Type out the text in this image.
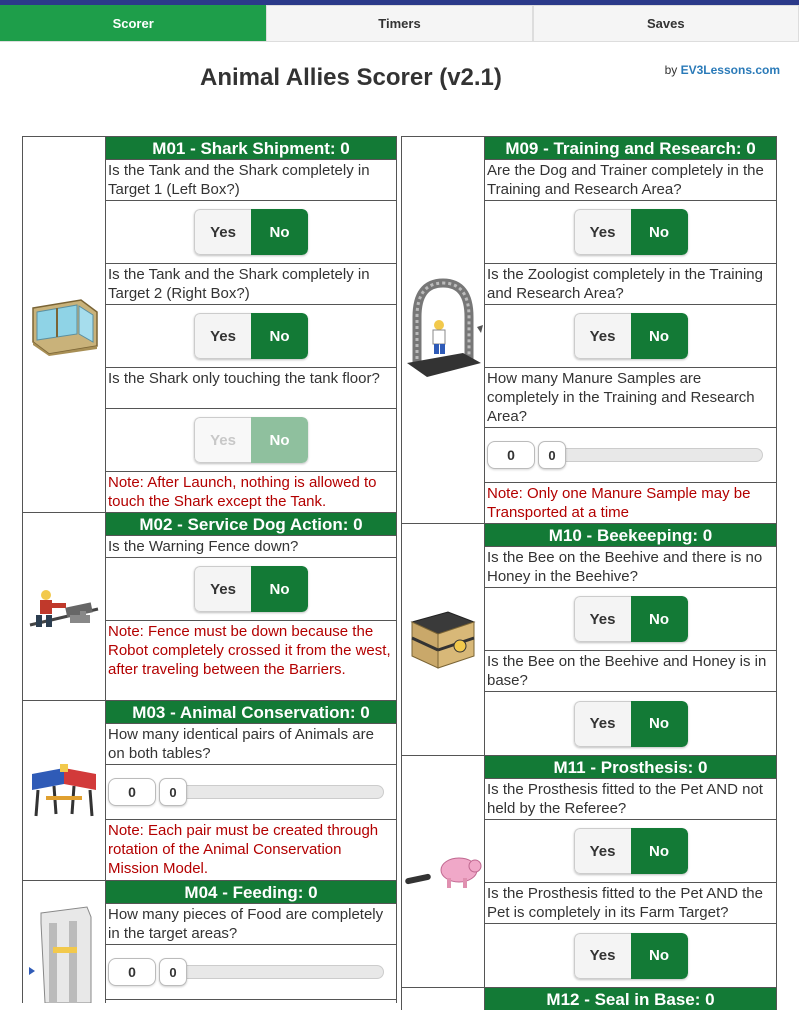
Scorer	Timers	Saves
Animal Allies Scorer (v2.1)	by EV3Lessons.com
M01 - Shark Shipment: 0
Is the Tank and the Shark completely in Target 1 (Left Box?)
Yes	No
Is the Tank and the Shark completely in Target 2 (Right Box?)
Yes	No
Is the Shark only touching the tank floor?
Yes	No
Note: After Launch, nothing is allowed to touch the Shark except the Tank.
M02 - Service Dog Action: 0
Is the Warning Fence down?
Yes	No
Note: Fence must be down because the Robot completely crossed it from the west, after traveling between the Barriers.
M03 - Animal Conservation: 0
How many identical pairs of Animals are on both tables?
0	0
Note: Each pair must be created through rotation of the Animal Conservation Mission Model.
M04 - Feeding: 0
How many pieces of Food are completely in the target areas?
0	0
M09 - Training and Research: 0
Are the Dog and Trainer completely in the Training and Research Area?
Yes	No
Is the Zoologist completely in the Training and Research Area?
Yes	No
How many Manure Samples are completely in the Training and Research Area?
0	0
Note: Only one Manure Sample may be Transported at a time
M10 - Beekeeping: 0
Is the Bee on the Beehive and there is no Honey in the Beehive?
Yes	No
Is the Bee on the Beehive and Honey is in base?
Yes	No
M11 - Prosthesis: 0
Is the Prosthesis fitted to the Pet AND not held by the Referee?
Yes	No
Is the Prosthesis fitted to the Pet AND the Pet is completely in its Farm Target?
Yes	No
M12 - Seal in Base: 0
